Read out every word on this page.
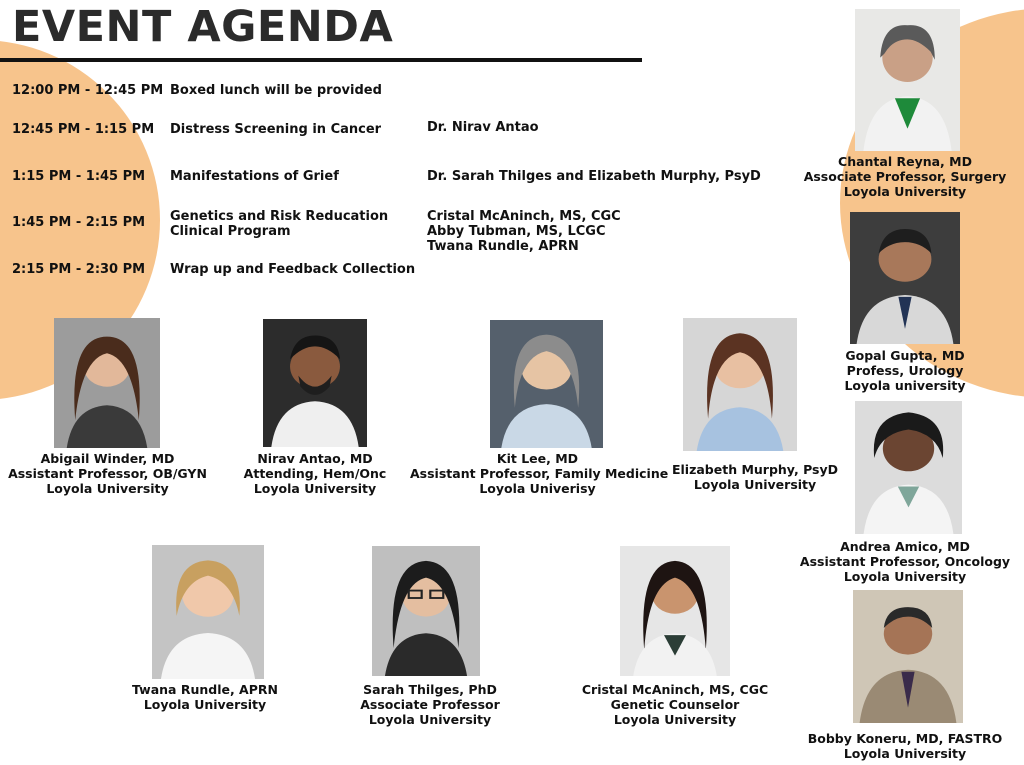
EVENT AGENDA
12:00 PM - 12:45 PM Boxed lunch will be provided
12:45 PM - 1:15 PM Distress Screening in Cancer	Dr. Nirav Antao
1:15 PM - 1:45 PM Manifestations of Grief	Dr. Sarah Thilges and Elizabeth Murphy, PsyD
1:45 PM - 2:15 PM Genetics and Risk Reducation
Clinical Program
Cristal McAninch, MS, CGC
Abby Tubman, MS, LCGC
Twana Rundle, APRN
2:15 PM - 2:30 PM Wrap up and Feedback Collection
Chantal Reyna, MD
Associate Professor, Surgery
Loyola University
Gopal Gupta, MD
Profess, Urology
Loyola university
Andrea Amico, MD
Assistant Professor, Oncology
Loyola University
Bobby Koneru, MD, FASTRO
Loyola University
Abigail Winder, MD
Assistant Professor, OB/GYN
Loyola University
Nirav Antao, MD
Attending, Hem/Onc
Loyola University
Kit Lee, MD
Assistant Professor, Family Medicine
Loyola Univerisy
Elizabeth Murphy, PsyD
Loyola University
Twana Rundle, APRN
Loyola University
Sarah Thilges, PhD
Associate Professor
Loyola University
Cristal McAninch, MS, CGC
Genetic Counselor
Loyola University
